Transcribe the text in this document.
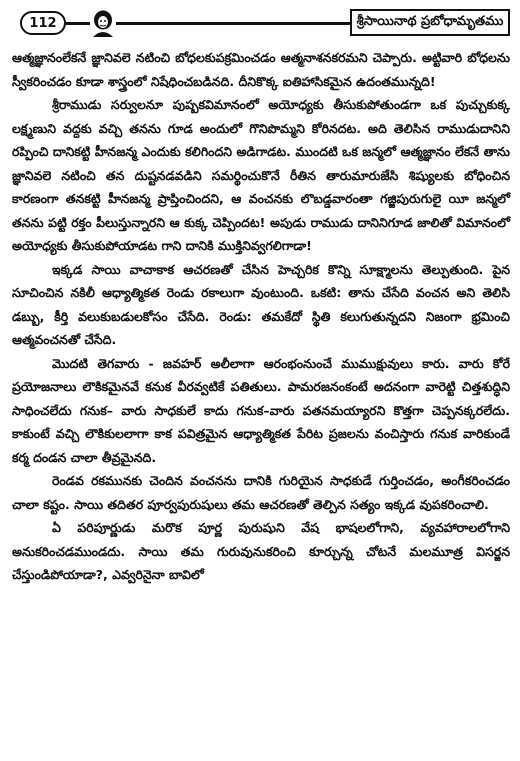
112	శ్రీసాయినాథ ప్రబోధామృతము

ఆత్మజ్ఞానంలేకనే జ్ఞానివలె నటించి బోధలకుపక్రమించడం ఆత్మనాశనకరమని చెప్పారు. అట్టివారి బోధలను స్వీకరించడం కూడా శాస్త్రంలో నిషేధించబడినది. దీనికొక్క ఐతిహాసికమైన ఉదంతమున్నది!

శ్రీరాముడు సర్వులనూ పుష్పకవిమానంలో అయోధ్యకు తీసుకుపోతుండగా ఒక పుచ్చుకుక్క లక్ష్మణుని వద్దకు వచ్చి తనను గూడ అందులో గొనిపొమ్మని కోరినదట. అది తెలిసిన రాముడుదానిని రప్పించి దానికట్టి హీనజన్మ ఎందుకు కలిగిందని అడిగాడట. ముందటి ఒక జన్మలో ఆత్మజ్ఞానం లేకనే తాను జ్ఞానివలె నటించి తన దుష్టనడవడిని సమర్థించుకొనే రీతిన తారుమారుజేసి శిష్యులకు బోధించిన కారణంగా తనకట్టి హీనజన్మ ప్రాప్తించిందని, ఆ వంచనకు లొబడ్డవారంతా గజ్జిపురుగులై యీ జన్మలో తనను పట్టి రక్తం పీలుస్తున్నారని ఆ కుక్క చెప్పిందట! అపుడు రాముడు దానినిగూడ జాలితో విమానంలో అయోధ్యకు తీసుకుపోయాడట గాని దానికి ముక్తినివ్వగలిగాడా!

ఇక్కడ సాయి వాచాకాక ఆచరణతో చేసిన హెచ్చరిక కొన్ని సూక్ష్మాలను తెల్పుతుంది. పైన సూచించిన నకిలీ ఆధ్యాత్మికత రెండు రకాలుగా వుంటుంది. ఒకటి: తాను చేసేది వంచన అని తెలిసి డబ్బు, కీర్తి వలుకుబడులకోసం చేసేది. రెండు: తమకేదో స్థితి కలుగుతున్నదని నిజంగా భ్రమించి ఆత్మవంచనతో చేసేది.

మొదటి తెగవారు - జవహర్ అలీలాగా ఆరంభంనుంచే ముముక్షువులు కారు. వారు కోరే ప్రయోజనాలు లౌకికమైనవే కనుక వీరవ్వటికే పతితులు. పామరజనంకంటే అదనంగా వారెట్టి చిత్తశుద్ధిని సాధించలేదు గనుక– వారు సాధకులే కాదు గనుక–వారు పతనమయ్యారని కొత్తగా చెప్పనక్కరలేదు. కాకుంటే వచ్చి లౌకికులలాగా కాక పవిత్రమైన ఆధ్యాత్మికత పేరిట ప్రజలను వంచిస్తారు గనుక వారికుండే కర్మ దండన చాలా తీవ్రమైనది.

రెండవ రకమునకు చెందిన వంచనను దానికి గురియైన సాధకుడే గుర్తించడం, అంగీకరించడం చాలా కష్టం. సాయి తదితర పూర్వపురుషులు తమ ఆచరణతో తెల్పిన సత్యం ఇక్కడ వుపకరించాలి.

ఏ పరిపూర్ణుడు మరొక పూర్ణ పురుషుని వేష భాషలలోగాని, వ్యవహారాలలోగాని అనుకరించడముండదు. సాయి తమ గురువునుకరించి కూర్చున్న చోటనే మలమూత్ర విసర్జన చేస్తుండిపోయాడా?, ఎవ్వరినైనా బావిలో
